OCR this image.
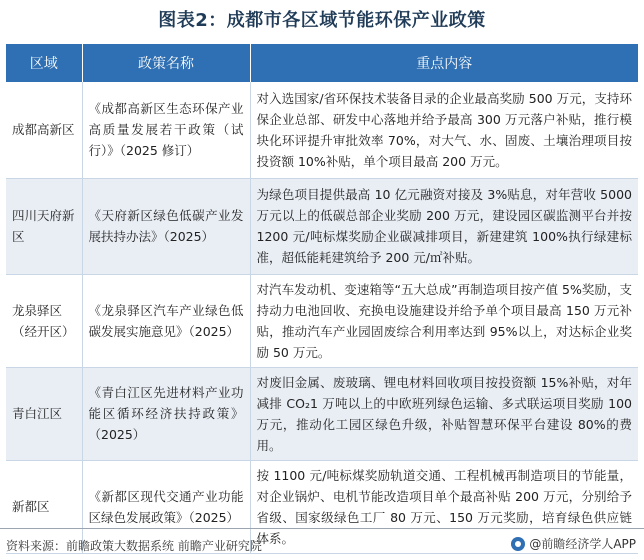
图表2：成都市各区域节能环保产业政策
区域	政策名称	重点内容
成都高新区	《成都高新区生态环保产业高质量发展若干政策（试行）》（2025 修订）	对入选国家/省环保技术装备目录的企业最高奖励 500 万元，支持环保企业总部、研发中心落地并给予最高 300 万元落户补贴，推行模块化环评提升审批效率 70%，对大气、水、固废、土壤治理项目按投资额 10%补贴，单个项目最高 200 万元。
四川天府新区	《天府新区绿色低碳产业发展扶持办法》（2025）	为绿色项目提供最高 10 亿元融资对接及 3%贴息，对年营收 5000 万元以上的低碳总部企业奖励 200 万元，建设园区碳监测平台并按 1200 元/吨标煤奖励企业碳减排项目，新建建筑 100%执行绿建标准，超低能耗建筑给予 200 元/㎡补贴。
龙泉驿区（经开区）	《龙泉驿区汽车产业绿色低碳发展实施意见》（2025）	对汽车发动机、变速箱等“五大总成”再制造项目按产值 5%奖励，支持动力电池回收、充换电设施建设并给予单个项目最高 150 万元补贴，推动汽车产业园固废综合利用率达到 95%以上，对达标企业奖励 50 万元。
青白江区	《青白江区先进材料产业功能区循环经济扶持政策》（2025）	对废旧金属、废玻璃、锂电材料回收项目按投资额 15%补贴，对年减排 CO₂1 万吨以上的中欧班列绿色运输、多式联运项目奖励 100 万元，推动化工园区绿色升级，补贴智慧环保平台建设 80%的费用。
新都区	《新都区现代交通产业功能区绿色发展政策》（2025）	按 1100 元/吨标煤奖励轨道交通、工程机械再制造项目的节能量，对企业锅炉、电机节能改造项目单个最高补贴 200 万元，分别给予省级、国家级绿色工厂 80 万元、150 万元奖励，培育绿色供应链体系。
资料来源：前瞻政策大数据系统 前瞻产业研究院	@前瞻经济学人APP
